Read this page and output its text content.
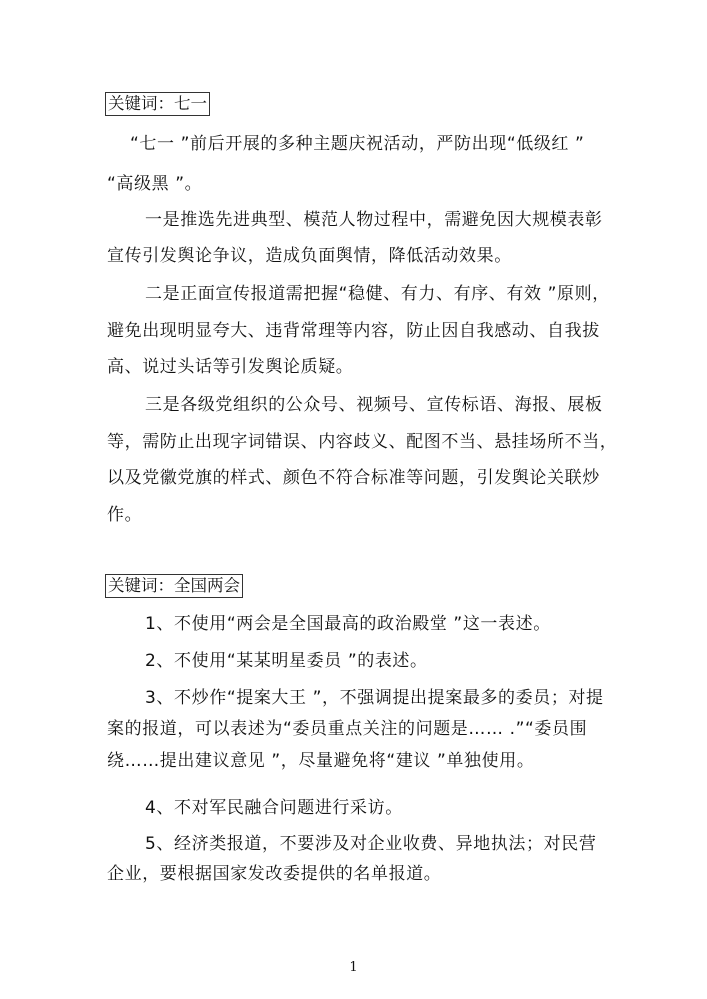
关键词：七一
“七一 ”前后开展的多种主题庆祝活动，严防出现“低级红 ”
“高级黑 ”。
一是推选先进典型、模范人物过程中，需避免因大规模表彰
宣传引发舆论争议，造成负面舆情，降低活动效果。
二是正面宣传报道需把握“稳健、有力、有序、有效 ”原则，
避免出现明显夸大、违背常理等内容，防止因自我感动、自我拔
高、说过头话等引发舆论质疑。
三是各级党组织的公众号、视频号、宣传标语、海报、展板
等，需防止出现字词错误、内容歧义、配图不当、悬挂场所不当，
以及党徽党旗的样式、颜色不符合标准等问题，引发舆论关联炒
作。
关键词：全国两会
1、不使用“两会是全国最高的政治殿堂 ”这一表述。
2、不使用“某某明星委员 ”的表述。
3、不炒作“提案大王 ”，不强调提出提案最多的委员；对提
案的报道，可以表述为“委员重点关注的问题是…… .”“委员围
绕……提出建议意见 ”，尽量避免将“建议 ”单独使用。
4、不对军民融合问题进行采访。
5、经济类报道，不要涉及对企业收费、异地执法；对民营
企业，要根据国家发改委提供的名单报道。
1
